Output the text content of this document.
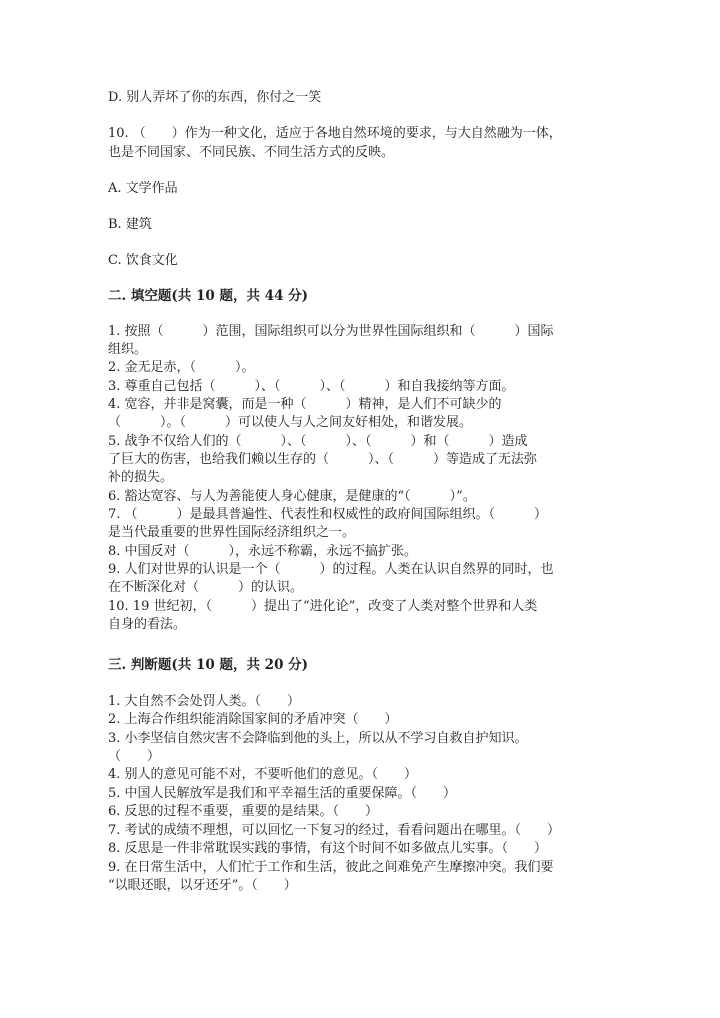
D. 别人弄坏了你的东西，你付之一笑
10. （　　）作为一种文化，适应于各地自然环境的要求，与大自然融为一体，
也是不同国家、不同民族、不同生活方式的反映。
A. 文学作品
B. 建筑
C. 饮食文化
二. 填空题(共 10 题，共 44 分)
1. 按照（　　　）范围，国际组织可以分为世界性国际组织和（　　　）国际
组织。
2. 金无足赤，（　　　）。
3. 尊重自己包括（　　　）、（　　　）、（　　　）和自我接纳等方面。
4. 宽容，并非是窝囊，而是一种（　　　）精神，是人们不可缺少的
（　　　）。（　　　）可以使人与人之间友好相处，和谐发展。
5. 战争不仅给人们的（　　　）、（　　　）、（　　　）和（　　　）造成
了巨大的伤害，也给我们赖以生存的（　　　）、（　　　）等造成了无法弥
补的损失。
6. 豁达宽容、与人为善能使人身心健康，是健康的“（　　　）”。
7. （　　　）是最具普遍性、代表性和权威性的政府间国际组织。（　　　）
是当代最重要的世界性国际经济组织之一。
8. 中国反对（　　　），永远不称霸，永远不搞扩张。
9. 人们对世界的认识是一个（　　　）的过程。人类在认识自然界的同时，也
在不断深化对（　　　）的认识。
10. 19 世纪初，（　　　）提出了“进化论”，改变了人类对整个世界和人类
自身的看法。
三. 判断题(共 10 题，共 20 分)
1. 大自然不会处罚人类。（　　）
2. 上海合作组织能消除国家间的矛盾冲突（　　）
3. 小李坚信自然灾害不会降临到他的头上，所以从不学习自救自护知识。
（　　）
4. 别人的意见可能不对，不要听他们的意见。（　　）
5. 中国人民解放军是我们和平幸福生活的重要保障。（　　）
6. 反思的过程不重要，重要的是结果。（　　）
7. 考试的成绩不理想，可以回忆一下复习的经过，看看问题出在哪里。（　　）
8. 反思是一件非常耽误实践的事情，有这个时间不如多做点儿实事。（　　）
9. 在日常生活中，人们忙于工作和生活，彼此之间难免产生摩擦冲突。我们要
“以眼还眼，以牙还牙”。（　　）
